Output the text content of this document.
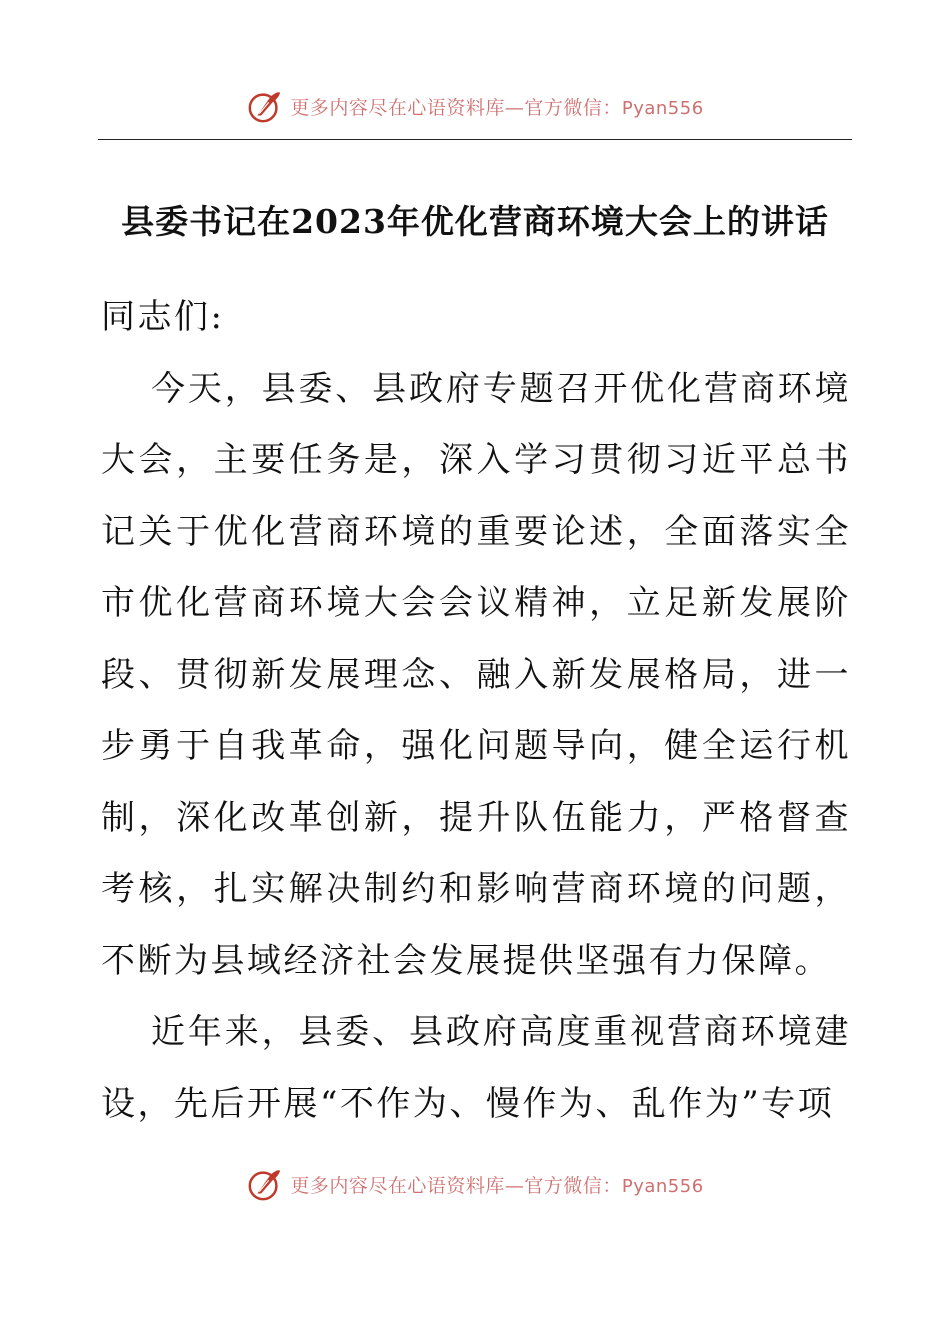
更多内容尽在心语资料库—官方微信：Pyan556
县委书记在2023年优化营商环境大会上的讲话

同志们:

今天，县委、县政府专题召开优化营商环境大会，主要任务是，深入学习贯彻习近平总书记关于优化营商环境的重要论述，全面落实全市优化营商环境大会会议精神，立足新发展阶段、贯彻新发展理念、融入新发展格局，进一步勇于自我革命，强化问题导向，健全运行机制，深化改革创新，提升队伍能力，严格督查考核，扎实解决制约和影响营商环境的问题，不断为县域经济社会发展提供坚强有力保障。

近年来，县委、县政府高度重视营商环境建设，先后开展“不作为、慢作为、乱作为”专项

更多内容尽在心语资料库—官方微信：Pyan556
